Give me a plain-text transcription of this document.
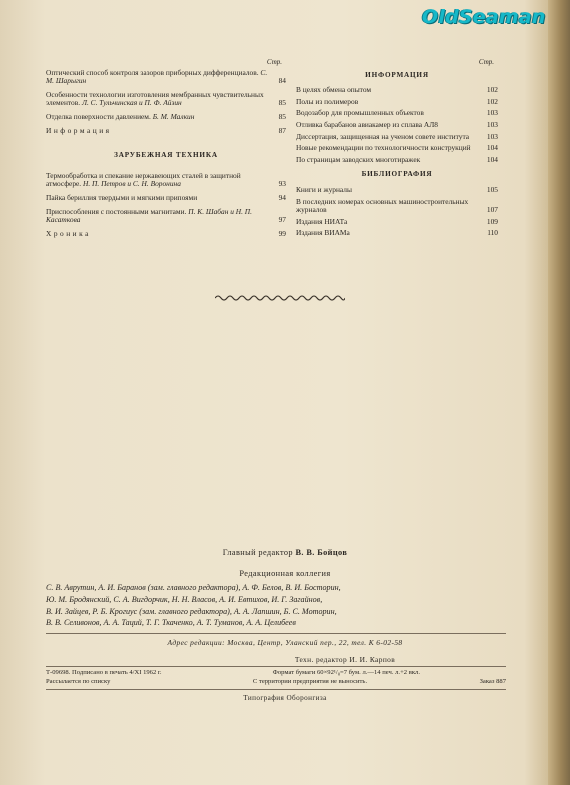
OldSeaman
Стр.
Оптический способ контроля зазоров приборных дифференциалов. С. М. Шарыгин	84
Особенности технологии изготовления мембранных чувствительных элементов. Л. С. Тульчинская и П. Ф. Айзин	85
Отделка поверхности давлением. Б. М. Малкин	85
Информация	87
ЗАРУБЕЖНАЯ ТЕХНИКА
Термообработка и спекание нержавеющих сталей в защитной атмосфере. Н. П. Петров и С. Н. Воронина	93
Пайка бериллия твердыми и мягкими припоями	94
Приспособления с постоянными магнитами. П. К. Шабан и Н. П. Касаткова	97
Хроника	99
Стр.
ИНФОРМАЦИЯ
В целях обмена опытом	102
Полы из полимеров	102
Водозабор для промышленных объектов	103
Отливка барабанов авиакамер из сплава АЛ8	103
Диссертация, защищенная на ученом совете института	103
Новые рекомендации по технологичности конструкций	104
По страницам заводских многотиражек	104
БИБЛИОГРАФИЯ
Книги и журналы	105
В последних номерах основных машиностроительных журналов	107
Издания НИАТа	109
Издания ВИАМа	110
Главный редактор В. В. Бойцов
Редакционная коллегия
С. В. Аврутин, А. И. Баранов (зам. главного редактора), А. Ф. Белов, В. И. Босторин,
Ю. М. Бродянский, С. А. Вигдорчик, Н. Н. Власов, А. И. Евтихов, И. Г. Загайнов,
В. И. Зайцев, Р. Б. Крогиус (зам. главного редактора), А. А. Лапшин, Б. С. Моторин,
В. В. Селивонов, А. А. Таций, Т. Г. Ткаченко, А. Т. Туманов, А. А. Целибеев
Адрес редакции: Москва, Центр, Уланский пер., 22, тел. К 6-02-58
Техн. редактор И. И. Карпов
Т-09698. Подписано в печать 4/XI 1962 г.	Формат бумаги 60×92¹/₈=7 бум. л.—14 печ. л.+2 вкл.
Рассылается по списку	С территории предприятия не выносить.	Заказ 887
Типография Оборонгиза
